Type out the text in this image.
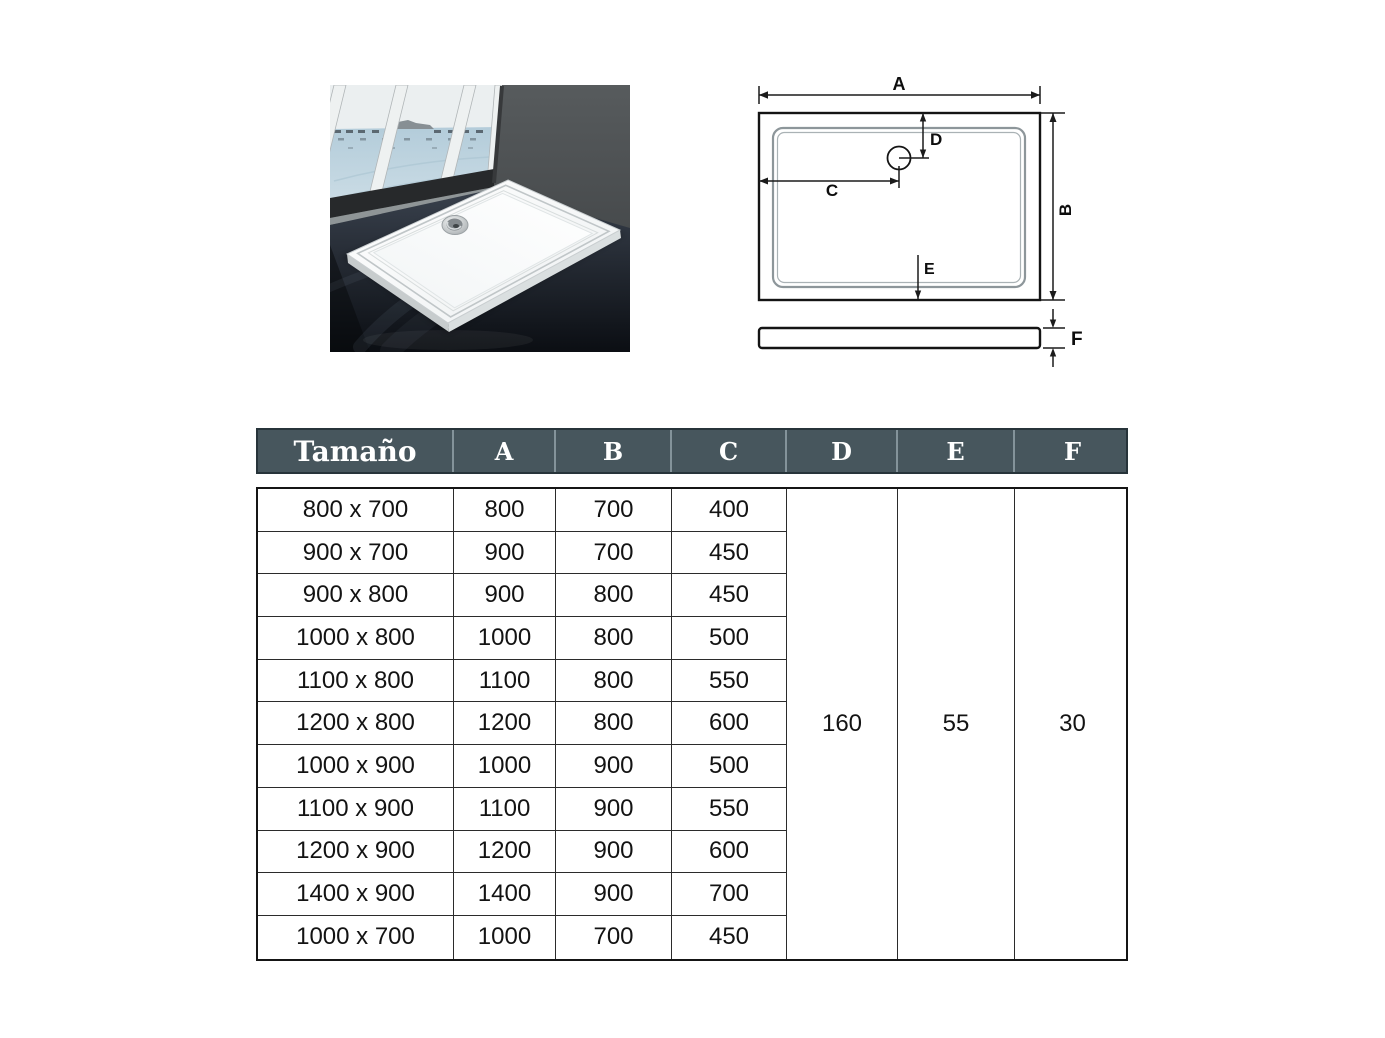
A
D
C
E
B
F
Tamaño	A	B	C	D	E	F
800 x 700	800	700	400
900 x 700	900	700	450
900 x 800	900	800	450
1000 x 800	1000	800	500
1100 x 800	1100	800	550
1200 x 800	1200	800	600
1000 x 900	1000	900	500
1100 x 900	1100	900	550
1200 x 900	1200	900	600
1400 x 900	1400	900	700
1000 x 700	1000	700	450
160	55	30
